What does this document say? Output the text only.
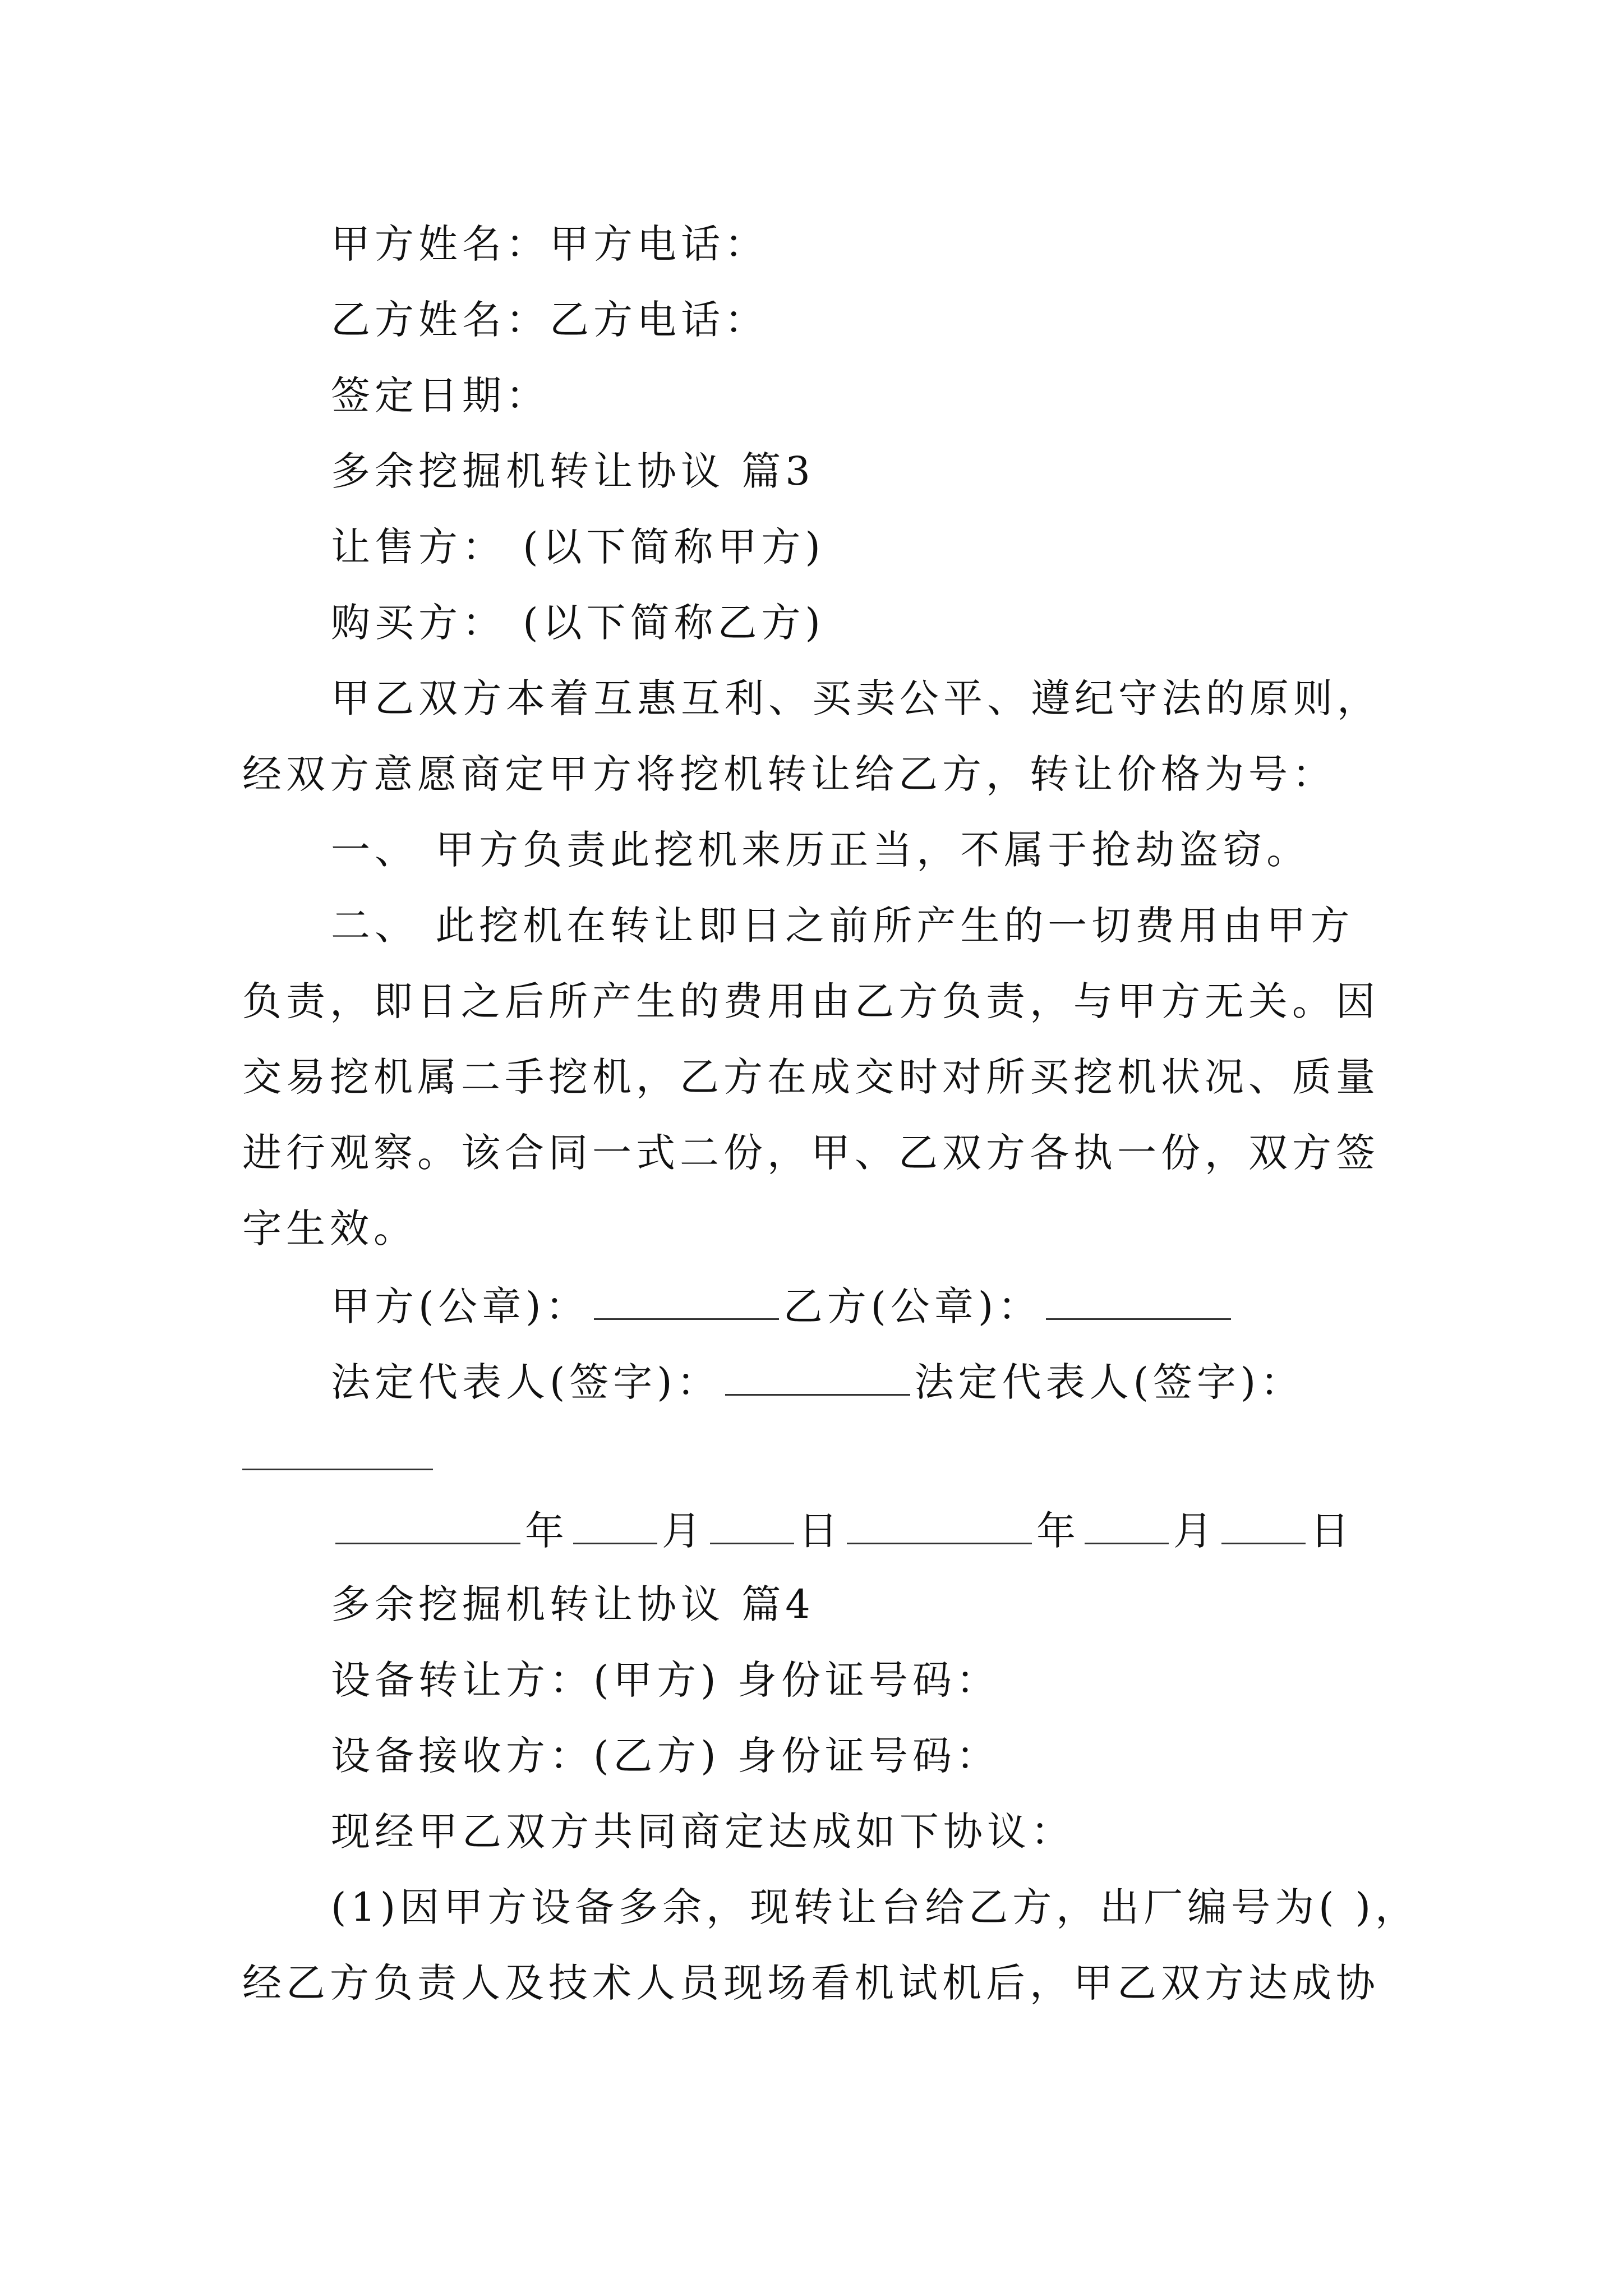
甲方姓名：甲方电话：

乙方姓名：乙方电话：

签定日期：

多余挖掘机转让协议 篇3

让售方： (以下简称甲方)

购买方： (以下简称乙方)

甲乙双方本着互惠互利、买卖公平、遵纪守法的原则，

经双方意愿商定甲方将挖机转让给乙方，转让价格为号：

一、 甲方负责此挖机来历正当，不属于抢劫盗窃。

二、 此挖机在转让即日之前所产生的一切费用由甲方

负责，即日之后所产生的费用由乙方负责，与甲方无关。因

交易挖机属二手挖机，乙方在成交时对所买挖机状况、质量

进行观察。该合同一式二份，甲、乙双方各执一份，双方签

字生效。

甲方(公章)：	乙方(公章)：

法定代表人(签字)：	法定代表人(签字)：

年 月 日	年 月 日

多余挖掘机转让协议 篇4

设备转让方：(甲方) 身份证号码：

设备接收方：(乙方) 身份证号码：

现经甲乙双方共同商定达成如下协议：

(1)因甲方设备多余，现转让台给乙方，出厂编号为( )，

经乙方负责人及技术人员现场看机试机后，甲乙双方达成协
